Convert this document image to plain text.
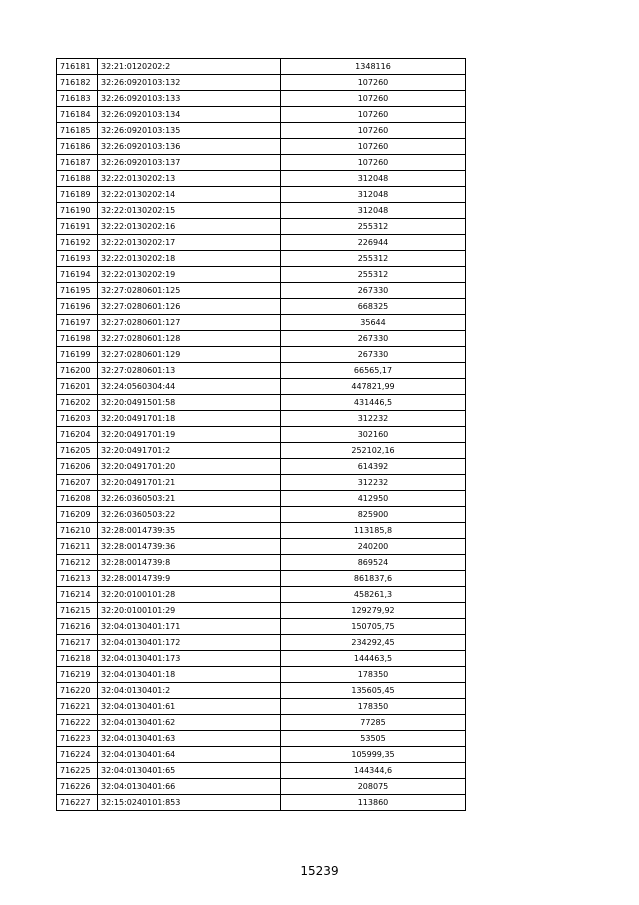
716181	32:21:0120202:2	1348116
716182	32:26:0920103:132	107260
716183	32:26:0920103:133	107260
716184	32:26:0920103:134	107260
716185	32:26:0920103:135	107260
716186	32:26:0920103:136	107260
716187	32:26:0920103:137	107260
716188	32:22:0130202:13	312048
716189	32:22:0130202:14	312048
716190	32:22:0130202:15	312048
716191	32:22:0130202:16	255312
716192	32:22:0130202:17	226944
716193	32:22:0130202:18	255312
716194	32:22:0130202:19	255312
716195	32:27:0280601:125	267330
716196	32:27:0280601:126	668325
716197	32:27:0280601:127	35644
716198	32:27:0280601:128	267330
716199	32:27:0280601:129	267330
716200	32:27:0280601:13	66565,17
716201	32:24:0560304:44	447821,99
716202	32:20:0491501:58	431446,5
716203	32:20:0491701:18	312232
716204	32:20:0491701:19	302160
716205	32:20:0491701:2	252102,16
716206	32:20:0491701:20	614392
716207	32:20:0491701:21	312232
716208	32:26:0360503:21	412950
716209	32:26:0360503:22	825900
716210	32:28:0014739:35	113185,8
716211	32:28:0014739:36	240200
716212	32:28:0014739:8	869524
716213	32:28:0014739:9	861837,6
716214	32:20:0100101:28	458261,3
716215	32:20:0100101:29	129279,92
716216	32:04:0130401:171	150705,75
716217	32:04:0130401:172	234292,45
716218	32:04:0130401:173	144463,5
716219	32:04:0130401:18	178350
716220	32:04:0130401:2	135605,45
716221	32:04:0130401:61	178350
716222	32:04:0130401:62	77285
716223	32:04:0130401:63	53505
716224	32:04:0130401:64	105999,35
716225	32:04:0130401:65	144344,6
716226	32:04:0130401:66	208075
716227	32:15:0240101:853	113860
15239
